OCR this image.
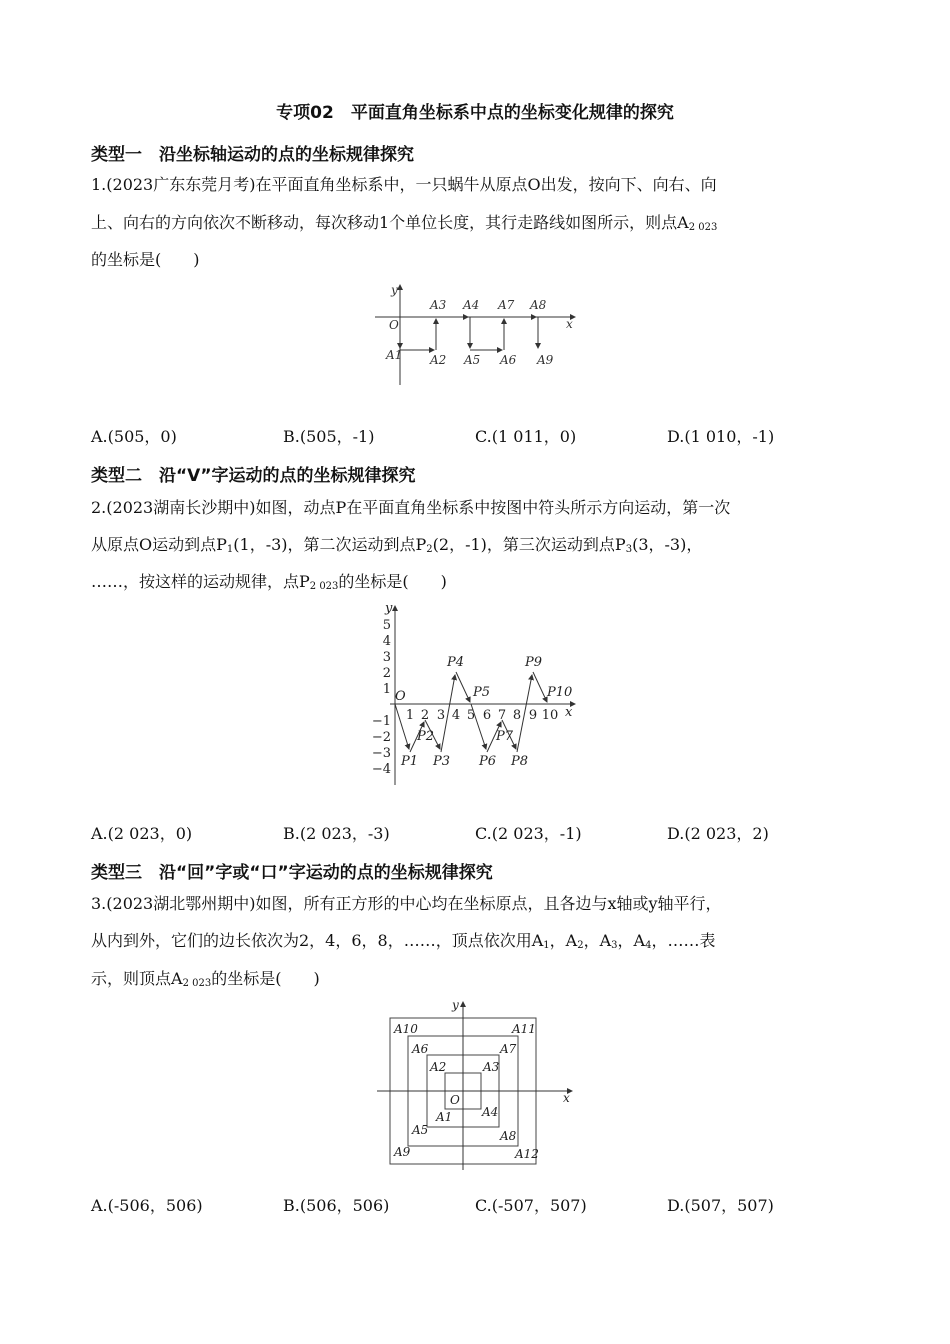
专项02　平面直角坐标系中点的坐标变化规律的探究
类型一　沿坐标轴运动的点的坐标规律探究
1.(2023广东东莞月考)在平面直角坐标系中，一只蜗牛从原点O出发，按向下、向右、向
上、向右的方向依次不断移动，每次移动1个单位长度，其行走路线如图所示，则点$A_{2 023}$
的坐标是(　　)
y
x
O
A3 A4 A7 A8
A1 A2 A5 A6 A9
A.(505，0)	B.(505，-1)	C.(1 011，0)	D.(1 010，-1)
类型二　沿“V”字运动的点的坐标规律探究
2.(2023湖南长沙期中)如图，动点P在平面直角坐标系中按图中符头所示方向运动，第一次
从原点O运动到点$P_1(1$，-3)，第二次运动到点$P_2(2$，-1)，第三次运动到点$P_3(3$，-3)，
……，按这样的运动规律，点$P_{2 023}$的坐标是(　　)
5
4
3
2
1
−1
−2
−3
−4
1 2 3 4 5 6 7 8 9 10
y
x
O
P1
P2
P3
P4
P5
P6
P7
P8
P9
P10
A.(2 023，0)	B.(2 023，-3)	C.(2 023，-1)	D.(2 023，2)
类型三　沿“回”字或“口”字运动的点的坐标规律探究
3.(2023湖北鄂州期中)如图，所有正方形的中心均在坐标原点，且各边与x轴或y轴平行，
从内到外，它们的边长依次为2，4，6，8，……，顶点依次用$A_1$，$A_2$，$A_3$，$A_4$，……表
示，则顶点$A_{2 023}$的坐标是(　　)
y
x
O
A1
A2	A3
A4
A5
A6	A7
A8
A9
A10	A11
A12
A.(-506，506)	B.(506，506)	C.(-507，507)	D.(507，507)
